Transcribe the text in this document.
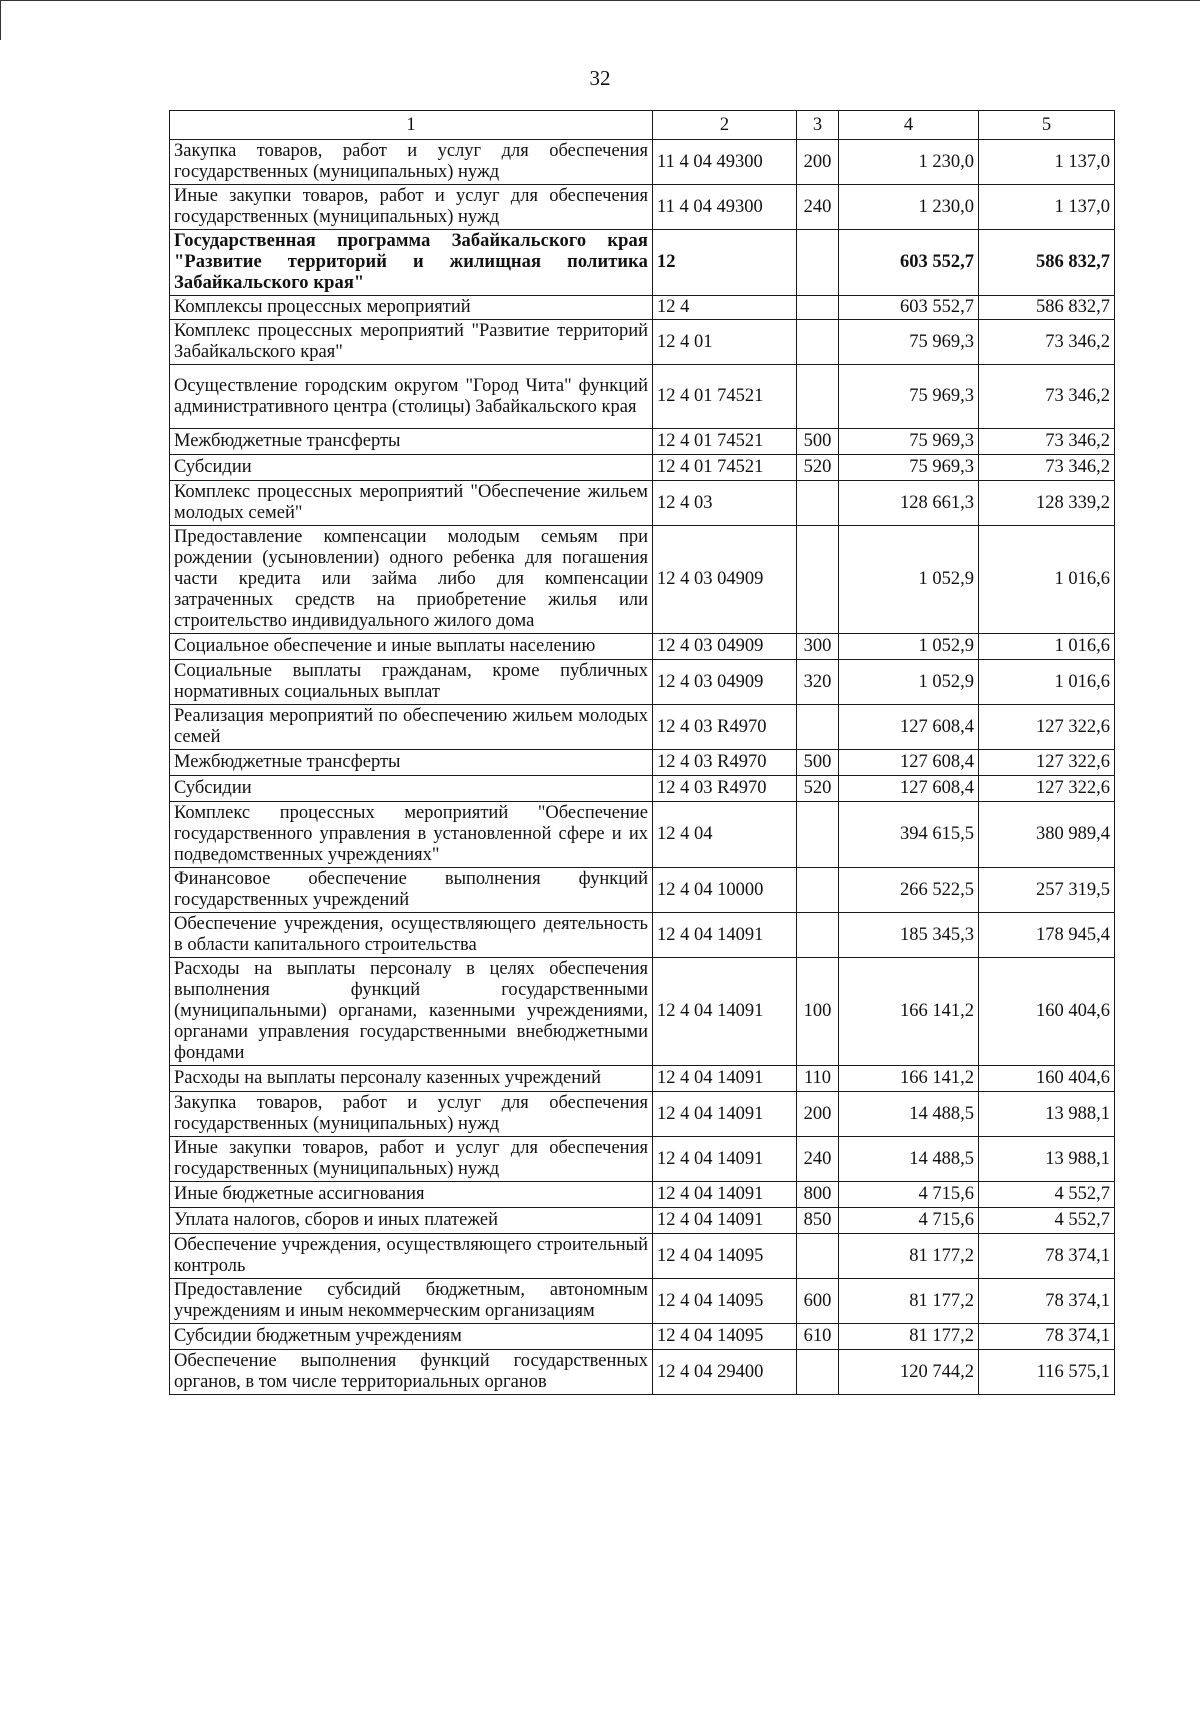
32
1	2	3	4	5
Закупка товаров, работ и услуг для обеспечения государственных (муниципальных) нужд	11 4 04 49300	200	1 230,0	1 137,0
Иные закупки товаров, работ и услуг для обеспечения государственных (муниципальных) нужд	11 4 04 49300	240	1 230,0	1 137,0
Государственная программа Забайкальского края "Развитие территорий и жилищная политика Забайкальского края"	12		603 552,7	586 832,7
Комплексы процессных мероприятий	12 4		603 552,7	586 832,7
Комплекс процессных мероприятий "Развитие территорий Забайкальского края"	12 4 01		75 969,3	73 346,2
Осуществление городским округом "Город Чита" функций административного центра (столицы) Забайкальского края	12 4 01 74521		75 969,3	73 346,2
Межбюджетные трансферты	12 4 01 74521	500	75 969,3	73 346,2
Субсидии	12 4 01 74521	520	75 969,3	73 346,2
Комплекс процессных мероприятий "Обеспечение жильем молодых семей"	12 4 03		128 661,3	128 339,2
Предоставление компенсации молодым семьям при рождении (усыновлении) одного ребенка для погашения части кредита или займа либо для компенсации затраченных средств на приобретение жилья или строительство индивидуального жилого дома	12 4 03 04909		1 052,9	1 016,6
Социальное обеспечение и иные выплаты населению	12 4 03 04909	300	1 052,9	1 016,6
Социальные выплаты гражданам, кроме публичных нормативных социальных выплат	12 4 03 04909	320	1 052,9	1 016,6
Реализация мероприятий по обеспечению жильем молодых семей	12 4 03 R4970		127 608,4	127 322,6
Межбюджетные трансферты	12 4 03 R4970	500	127 608,4	127 322,6
Субсидии	12 4 03 R4970	520	127 608,4	127 322,6
Комплекс процессных мероприятий "Обеспечение государственного управления в установленной сфере и их подведомственных учреждениях"	12 4 04		394 615,5	380 989,4
Финансовое обеспечение выполнения функций государственных учреждений	12 4 04 10000		266 522,5	257 319,5
Обеспечение учреждения, осуществляющего деятельность в области капитального строительства	12 4 04 14091		185 345,3	178 945,4
Расходы на выплаты персоналу в целях обеспечения выполнения функций государственными (муниципальными) органами, казенными учреждениями, органами управления государственными внебюджетными фондами	12 4 04 14091	100	166 141,2	160 404,6
Расходы на выплаты персоналу казенных учреждений	12 4 04 14091	110	166 141,2	160 404,6
Закупка товаров, работ и услуг для обеспечения государственных (муниципальных) нужд	12 4 04 14091	200	14 488,5	13 988,1
Иные закупки товаров, работ и услуг для обеспечения государственных (муниципальных) нужд	12 4 04 14091	240	14 488,5	13 988,1
Иные бюджетные ассигнования	12 4 04 14091	800	4 715,6	4 552,7
Уплата налогов, сборов и иных платежей	12 4 04 14091	850	4 715,6	4 552,7
Обеспечение учреждения, осуществляющего строительный контроль	12 4 04 14095		81 177,2	78 374,1
Предоставление субсидий бюджетным, автономным учреждениям и иным некоммерческим организациям	12 4 04 14095	600	81 177,2	78 374,1
Субсидии бюджетным учреждениям	12 4 04 14095	610	81 177,2	78 374,1
Обеспечение выполнения функций государственных органов, в том числе территориальных органов	12 4 04 29400		120 744,2	116 575,1
